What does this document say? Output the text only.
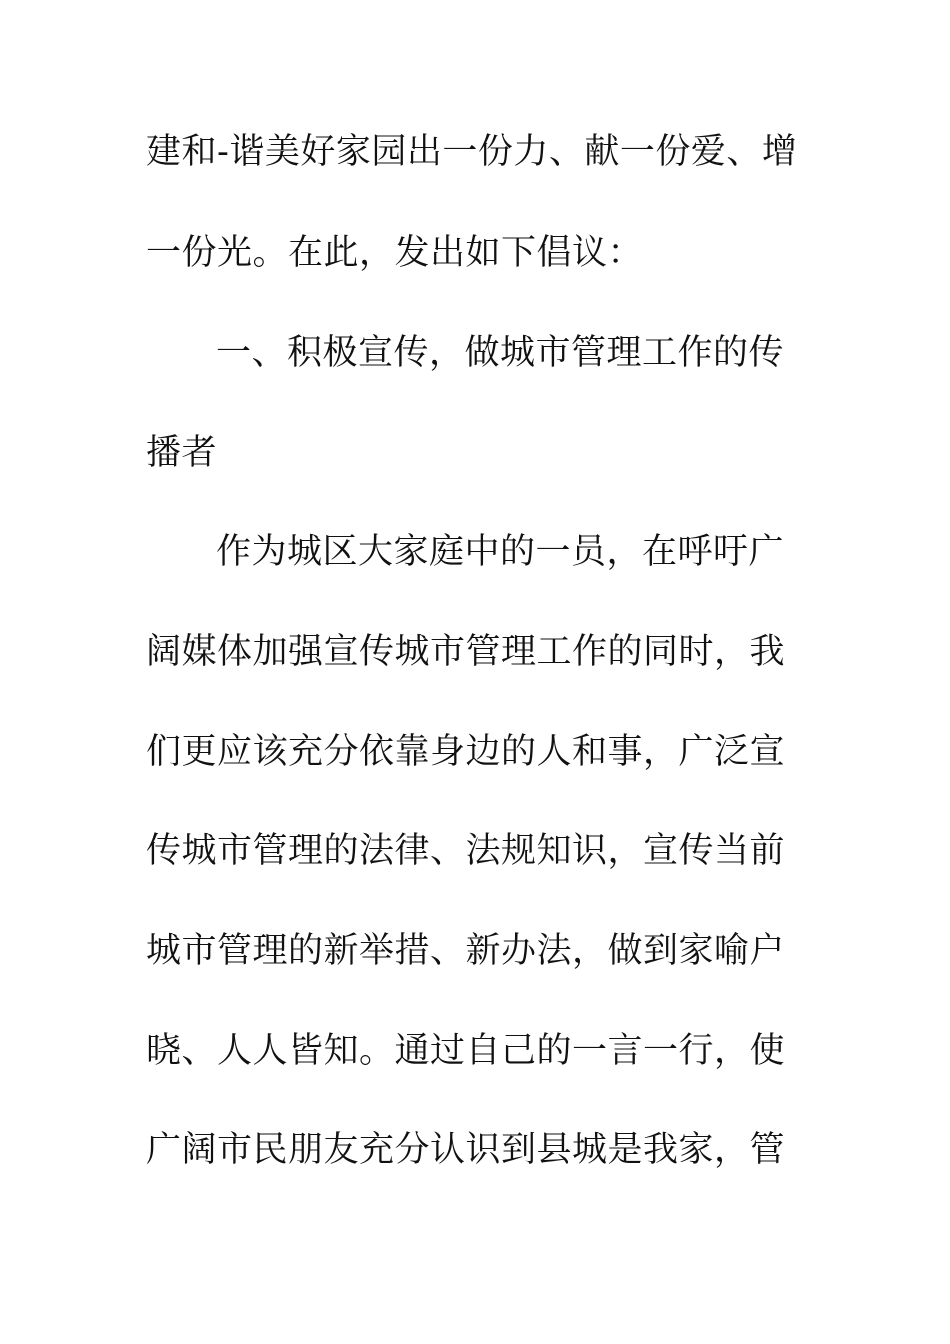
建和-谐美好家园出一份力、献一份爱、增
一份光。在此，发出如下倡议：
一、积极宣传，做城市管理工作的传
播者
作为城区大家庭中的一员，在呼吁广
阔媒体加强宣传城市管理工作的同时，我
们更应该充分依靠身边的人和事，广泛宣
传城市管理的法律、法规知识，宣传当前
城市管理的新举措、新办法，做到家喻户
晓、人人皆知。通过自己的一言一行，使
广阔市民朋友充分认识到县城是我家，管
